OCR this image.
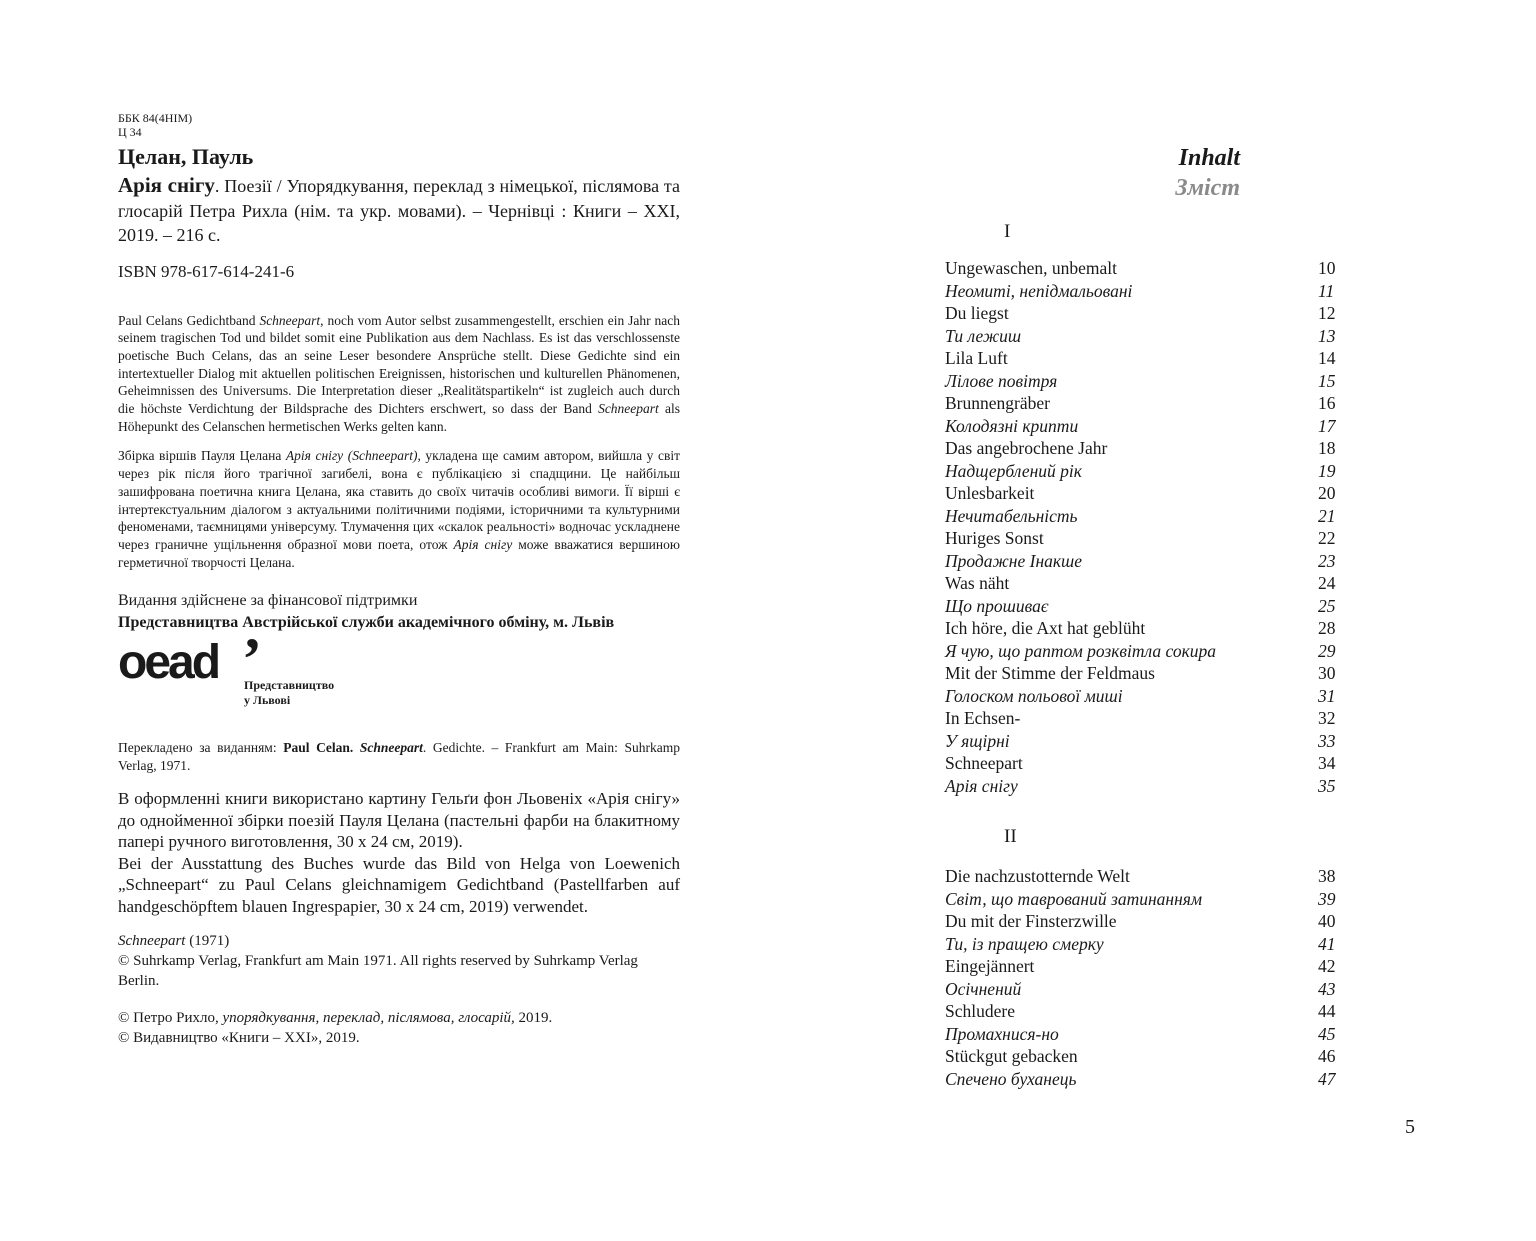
ББК 84(4НІМ)
Ц 34
Целан, Пауль
Арія снігу. Поезії / Упорядкування, переклад з німецької, післямова та глосарій Петра Рихла (нім. та укр. мовами). – Чернівці : Книги – XXI, 2019. – 216 с.
ISBN 978-617-614-241-6
Paul Celans Gedichtband Schneepart, noch vom Autor selbst zusammengestellt, erschien ein Jahr nach seinem tragischen Tod und bildet somit eine Publikation aus dem Nachlass. Es ist das verschlossenste poetische Buch Celans, das an seine Leser besondere Ansprüche stellt. Diese Gedichte sind ein intertextueller Dialog mit aktuellen politischen Ereignissen, historischen und kulturellen Phänomenen, Geheimnissen des Universums. Die Interpretation dieser „Realitätspartikeln“ ist zugleich auch durch die höchste Verdichtung der Bildsprache des Dichters erschwert, so dass der Band Schneepart als Höhepunkt des Celanschen hermetischen Werks gelten kann.
Збірка віршів Пауля Целана Арія снігу (Schneepart), укладена ще самим автором, вийшла у світ через рік після його трагічної загибелі, вона є публікацією зі спадщини. Це найбільш зашифрована поетична книга Целана, яка ставить до своїх читачів особливі вимоги. Її вірші є інтертекстуальним діалогом з актуальними політичними подіями, історичними та культурними феноменами, таємницями універсуму. Тлумачення цих «скалок реальності» водночас ускладнене через граничне ущільнення образної мови поета, отож Арія снігу може вважатися вершиною герметичної творчості Целана.
Видання здійснене за фінансової підтримки
Представництва Австрійської служби академічного обміну, м. Львів
oead ’
Представництво
у Львові
Перекладено за виданням: Paul Celan. Schneepart. Gedichte. – Frankfurt am Main: Suhrkamp Verlag, 1971.
В оформленні книги використано картину Гельґи фон Льовеніх «Арія снігу» до однойменної збірки поезій Пауля Целана (пастельні фарби на блакитному папері ручного виготовлення, 30 х 24 см, 2019).
Bei der Ausstattung des Buches wurde das Bild von Helga von Loewenich „Schneepart“ zu Paul Celans gleichnamigem Gedichtband (Pastellfarben auf handgeschöpftem blauen Ingrespapier, 30 x 24 cm, 2019) verwendet.
Schneepart (1971)
© Suhrkamp Verlag, Frankfurt am Main 1971. All rights reserved by Suhrkamp Verlag Berlin.
© Петро Рихло, упорядкування, переклад, післямова, глосарій, 2019.
© Видавництво «Книги – XXI», 2019.
Inhalt
Зміст
I
Ungewaschen, unbemalt	10
Неомиті, непідмальовані	11
Du liegst	12
Ти лежиш	13
Lila Luft	14
Лілове повітря	15
Brunnengräber	16
Колодязні крипти	17
Das angebrochene Jahr	18
Надщерблений рік	19
Unlesbarkeit	20
Нечитабельність	21
Huriges Sonst	22
Продажне Інакше	23
Was näht	24
Що прошиває	25
Ich höre, die Axt hat geblüht	28
Я чую, що раптом розквітла сокира	29
Mit der Stimme der Feldmaus	30
Голоском польової миші	31
In Echsen-	32
У ящірні	33
Schneepart	34
Арія снігу	35
II
Die nachzustotternde Welt	38
Світ, що таврований затинанням	39
Du mit der Finsterzwille	40
Ти, із пращею смерку	41
Eingejännert	42
Осічнений	43
Schludere	44
Промахнися-но	45
Stückgut gebacken	46
Спечено буханець	47
5
